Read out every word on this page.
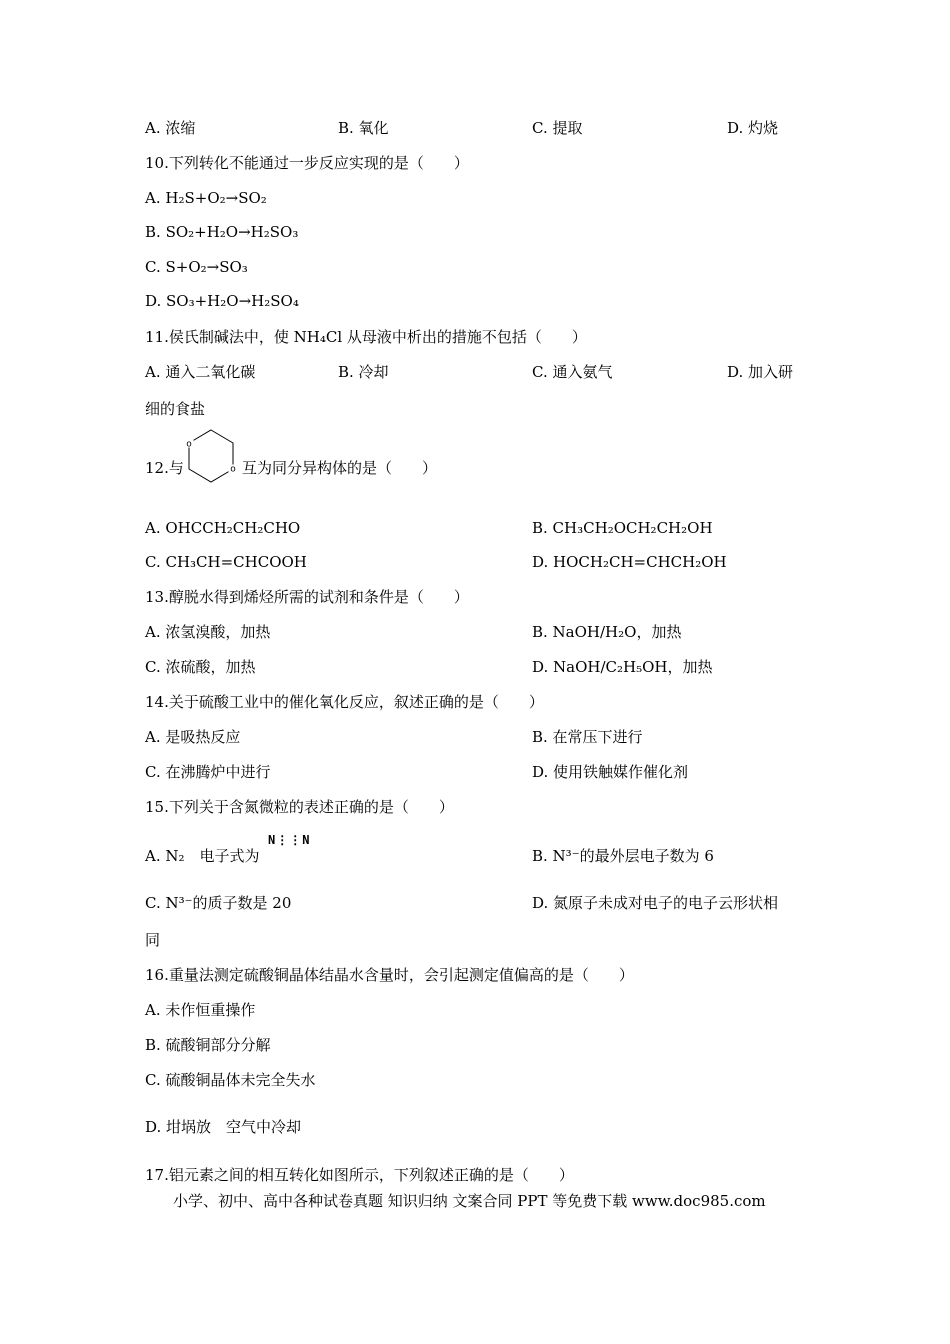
A. 浓缩	B. 氧化	C. 提取	D. 灼烧
10.下列转化不能通过一步反应实现的是（　　）
A. H₂S+O₂→SO₂
B. SO₂+H₂O→H₂SO₃
C. S+O₂→SO₃
D. SO₃+H₂O→H₂SO₄
11.侯氏制碱法中，使 NH₄Cl 从母液中析出的措施不包括（　　）
A. 通入二氧化碳	B. 冷却	C. 通入氨气	D. 加入研
细的食盐
12.与
o
o 互为同分异构体的是（　　）
A. OHCCH₂CH₂CHO	B. CH₃CH₂OCH₂CH₂OH
C. CH₃CH=CHCOOH	D. HOCH₂CH=CHCH₂OH
13.醇脱水得到烯烃所需的试剂和条件是（　　）
A. 浓氢溴酸，加热	B. NaOH/H₂O，加热
C. 浓硫酸，加热	D. NaOH/C₂H₅OH，加热
14.关于硫酸工业中的催化氧化反应，叙述正确的是（　　）
A. 是吸热反应	B. 在常压下进行
C. 在沸腾炉中进行	D. 使用铁触媒作催化剂
15.下列关于含氮微粒的表述正确的是（　　）
A. N₂　电子式为
N⋮⋮N
B. N³⁻的最外层电子数为 6
C. N³⁻的质子数是 20	D. 氮原子未成对电子的电子云形状相
同
16.重量法测定硫酸铜晶体结晶水含量时，会引起测定值偏高的是（　　）
A. 未作恒重操作
B. 硫酸铜部分分解
C. 硫酸铜晶体未完全失水
D. 坩埚放　空气中冷却
17.铝元素之间的相互转化如图所示，下列叙述正确的是（　　）
小学、初中、高中各种试卷真题 知识归纳 文案合同 PPT 等免费下载 www.doc985.com
